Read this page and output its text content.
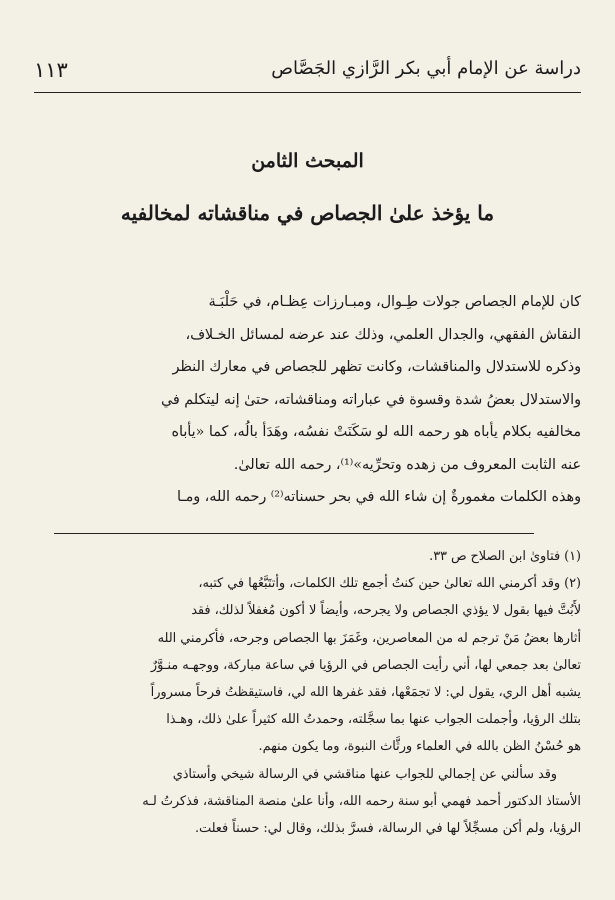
دراسة عن الإمام أبي بكر الرَّازي الجَصَّاص
١١٣
المبحث الثامن
ما يؤخذ علىٰ الجصاص في مناقشاته لمخالفيه
كان للإمام الجصاص جولات طِـوال، ومبـارزات عِظـام، في حَلْبَـة
النقاش الفقهي، والجدال العلمي، وذلك عند عرضه لمسائل الخـلاف،
وذكره للاستدلال والمناقشات، وكانت تظهر للجصاص في معارك النظر
والاستدلال بعضُ شدة وقسوة في عباراته ومناقشاته، حتىٰ إنه ليتكلم في
مخالفيه بكلام يأباه هو رحمه الله لو سَكَنَتْ نفسُه، وهَدَأ بالُه، كما «يأباه
عنه الثابت المعروف من زهده وتحرِّيه»⁽¹⁾، رحمه الله تعالىٰ.
وهذه الكلمات مغمورةٌ إن شاء الله في بحر حسناته⁽²⁾ رحمه الله، ومـا
(١) فتاوىٰ ابن الصلاح ص ٣٣.
(٢) وقد أكرمني الله تعالىٰ حين كنتُ أجمع تلك الكلمات، وأتتَبَّعُها في كتبه،
لأَبُتَّ فيها بقول لا يؤذي الجصاص ولا يجرحه، وأيضاً لا أكون مُغفلاً لذلك، فقد
أثارها بعضُ مَنْ ترجم له من المعاصرين، وغَمَزَ بها الجصاص وجرحه، فأكرمني الله
تعالىٰ بعد جمعي لها، أني رأيت الجصاص في الرؤيا في ساعة مباركة، ووجهـه منـوَّرٌ
يشبه أهل الري، يقول لي: لا تجمَعْها، فقد غفرها الله لي، فاستيقظتُ فرحاً مسروراً
بتلك الرؤيا، وأجملت الجواب عنها بما سجَّلته، وحمدتُ الله كثيراً علىٰ ذلك، وهـذا
هو حُسْنُ الظن بالله في العلماء ورثَّاث النبوة، وما يكون منهم.
وقد سألني عن إجمالي للجواب عنها مناقشي في الرسالة شيخي وأستاذي
الأستاذ الدكتور أحمد فهمي أبو سنة رحمه الله، وأنا علىٰ منصة المناقشة، فذكرتُ لـه
الرؤيا، ولم أكن مسجِّلاً لها في الرسالة، فسرَّ بذلك، وقال لي: حسناً فعلت.
